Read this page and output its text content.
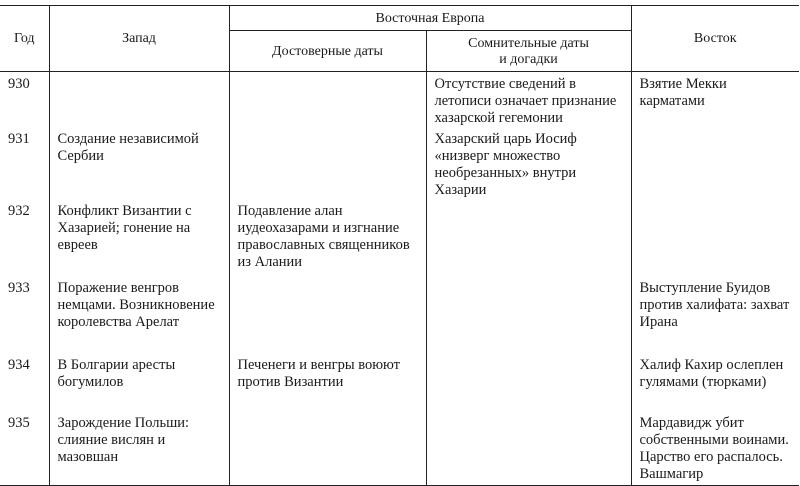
Год	Запад	Восточная Европа		Восток
		Достоверные даты	Сомнительные даты
и догадки	

930			Отсутствие сведений в летописи означает признание хазарской гегемонии	Взятие Мекки карматами
931	Создание независимой Сербии		Хазарский царь Иосиф «низверг множество необрезанных» внутри Хазарии	
932	Конфликт Византии с Хазарией; гонение на евреев	Подавление алан иудеохазарами и изгнание православных священников из Алании		
933	Поражение венгров немцами. Возникновение королевства Арелат			Выступление Буидов против халифата: захват Ирана
934	В Болгарии аресты богумилов	Печенеги и венгры воюют против Византии		Халиф Кахир ослеплен гулямами (тюрками)
935	Зарождение Польши: слияние вислян и мазовшан			Мардавидж убит собственными воинами. Царство его распалось. Вашмагир
